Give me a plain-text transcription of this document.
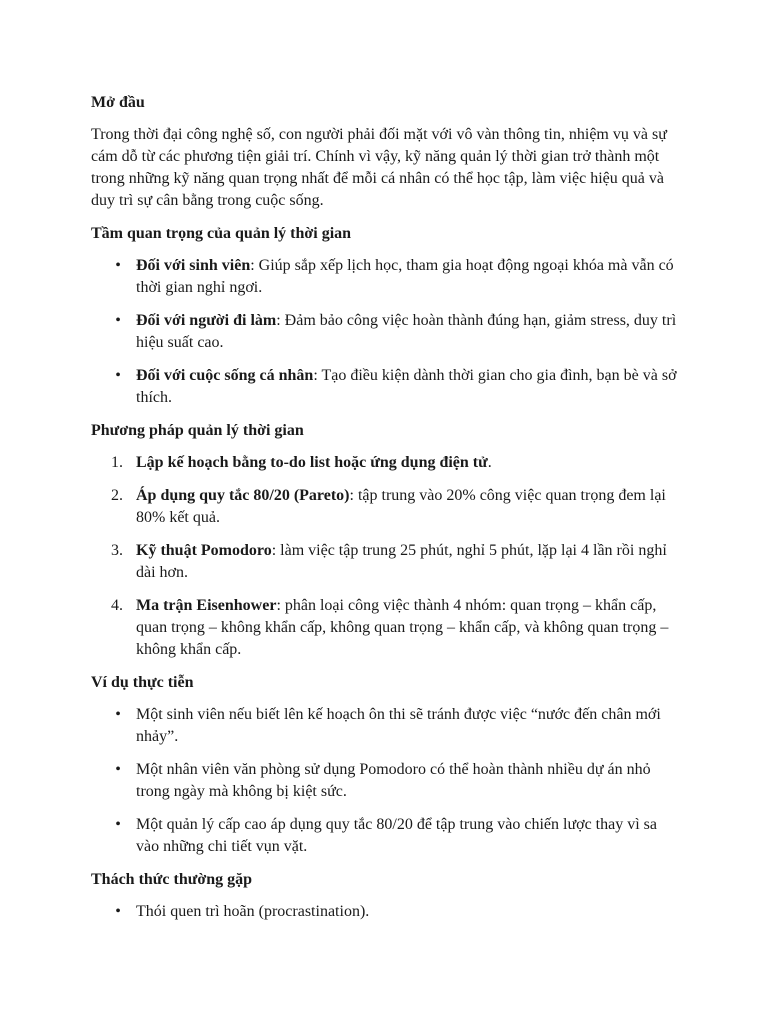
Mở đầu

Trong thời đại công nghệ số, con người phải đối mặt với vô vàn thông tin, nhiệm vụ và sự cám dỗ từ các phương tiện giải trí. Chính vì vậy, kỹ năng quản lý thời gian trở thành một trong những kỹ năng quan trọng nhất để mỗi cá nhân có thể học tập, làm việc hiệu quả và duy trì sự cân bằng trong cuộc sống.

Tầm quan trọng của quản lý thời gian
• Đối với sinh viên: Giúp sắp xếp lịch học, tham gia hoạt động ngoại khóa mà vẫn có thời gian nghỉ ngơi.
• Đối với người đi làm: Đảm bảo công việc hoàn thành đúng hạn, giảm stress, duy trì hiệu suất cao.
• Đối với cuộc sống cá nhân: Tạo điều kiện dành thời gian cho gia đình, bạn bè và sở thích.
Phương pháp quản lý thời gian
1. Lập kế hoạch bằng to-do list hoặc ứng dụng điện tử.
2. Áp dụng quy tắc 80/20 (Pareto): tập trung vào 20% công việc quan trọng đem lại 80% kết quả.
3. Kỹ thuật Pomodoro: làm việc tập trung 25 phút, nghỉ 5 phút, lặp lại 4 lần rồi nghỉ dài hơn.
4. Ma trận Eisenhower: phân loại công việc thành 4 nhóm: quan trọng – khẩn cấp, quan trọng – không khẩn cấp, không quan trọng – khẩn cấp, và không quan trọng – không khẩn cấp.
Ví dụ thực tiễn
• Một sinh viên nếu biết lên kế hoạch ôn thi sẽ tránh được việc “nước đến chân mới nhảy”.
• Một nhân viên văn phòng sử dụng Pomodoro có thể hoàn thành nhiều dự án nhỏ trong ngày mà không bị kiệt sức.
• Một quản lý cấp cao áp dụng quy tắc 80/20 để tập trung vào chiến lược thay vì sa vào những chi tiết vụn vặt.
Thách thức thường gặp
• Thói quen trì hoãn (procrastination).
